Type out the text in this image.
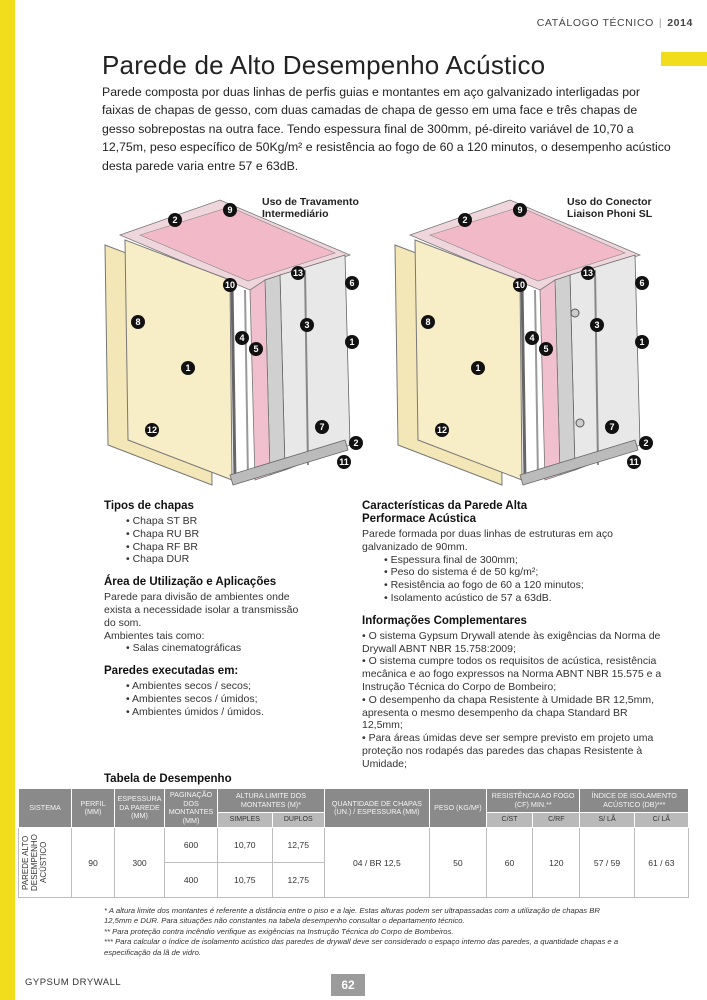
CATÁLOGO TÉCNICO | 2014
Parede de Alto Desempenho Acústico
Parede composta por duas linhas de perfis guias e montantes em aço galvanizado interligadas por faixas de chapas de gesso, com duas camadas de chapa de gesso em uma face e três chapas de gesso sobrepostas na outra face. Tendo espessura final de 300mm, pé-direito variável de 10,70 a 12,75m, peso específico de 50Kg/m² e resistência ao fogo de 60 a 120 minutos, o desempenho acústico desta parede varia entre 57 e 63dB.
Uso de Travamento
Intermediário
9
2
13
6
10
3
8
4
5
1
1
12	7
2
11
Uso do Conector
Liaison Phoni SL
9
2
13
6
10
3
8
4
5
1
1
12	7
2
11
Tipos de chapas
• Chapa ST BR
• Chapa RU BR
• Chapa RF BR
• Chapa DUR
Área de Utilização e Aplicações

Parede para divisão de ambientes onde exista a necessidade isolar a transmissão do som.

Ambientes tais como:

• Salas cinematográficas
Paredes executadas em:
• Ambientes secos / secos;
• Ambientes secos / úmidos;
• Ambientes úmidos / úmidos.
Características da Parede Alta
Performace Acústica

Parede formada por duas linhas de estruturas em aço galvanizado de 90mm.

• Espessura final de 300mm;
• Peso do sistema é de 50 kg/m²;
• Resistência ao fogo de 60 a 120 minutos;
• Isolamento acústico de 57 a 63dB.
Informações Complementares
• O sistema Gypsum Drywall atende às exigências da Norma de Drywall ABNT NBR 15.758:2009;
• O sistema cumpre todos os requisitos de acústica, resistência mecânica e ao fogo expressos na Norma ABNT NBR 15.575 e a Instrução Técnica do Corpo de Bombeiro;
• O desempenho da chapa Resistente à Umidade BR 12,5mm, apresenta o mesmo desempenho da chapa Standard BR 12,5mm;
• Para áreas úmidas deve ser sempre previsto em projeto uma proteção nos rodapés das paredes das chapas Resistente à Umidade;
Tabela de Desempenho
SISTEMA	PERFIL (MM)	ESPESSURA DA PAREDE (MM)	PAGINAÇÃO DOS MONTANTES (MM)	ALTURA LIMITE DOS MONTANTES (M)*		QUANTIDADE DE CHAPAS (UN.) / ESPESSURA (MM)	PESO (KG/M²)	RESISTÊNCIA AO FOGO (CF) MIN.**		ÍNDICE DE ISOLAMENTO ACÚSTICO (DB)***	
				SIMPLES	DUPLOS			C/ST	C/RF	S/ LÃ	C/ LÃ

PAREDE ALTO DESEMPENHO ACÚSTICO	90	300	600	10,70	12,75	04 / BR 12,5	50	60	120	57 / 59	61 / 63
			400	10,75	12,75						
* A altura limite dos montantes é referente a distância entre o piso e a laje. Estas alturas podem ser ultrapassadas com a utilização de chapas BR 12,5mm e DUR. Para situações não constantes na tabela desempenho consultar o departamento técnico.
** Para proteção contra incêndio verifique as exigências na Instrução Técnica do Corpo de Bombeiros.
*** Para calcular o índice de isolamento acústico das paredes de drywall deve ser considerado o espaço interno das paredes, a quantidade chapas e a especificação da lã de vidro.
GYPSUM DRYWALL	62
